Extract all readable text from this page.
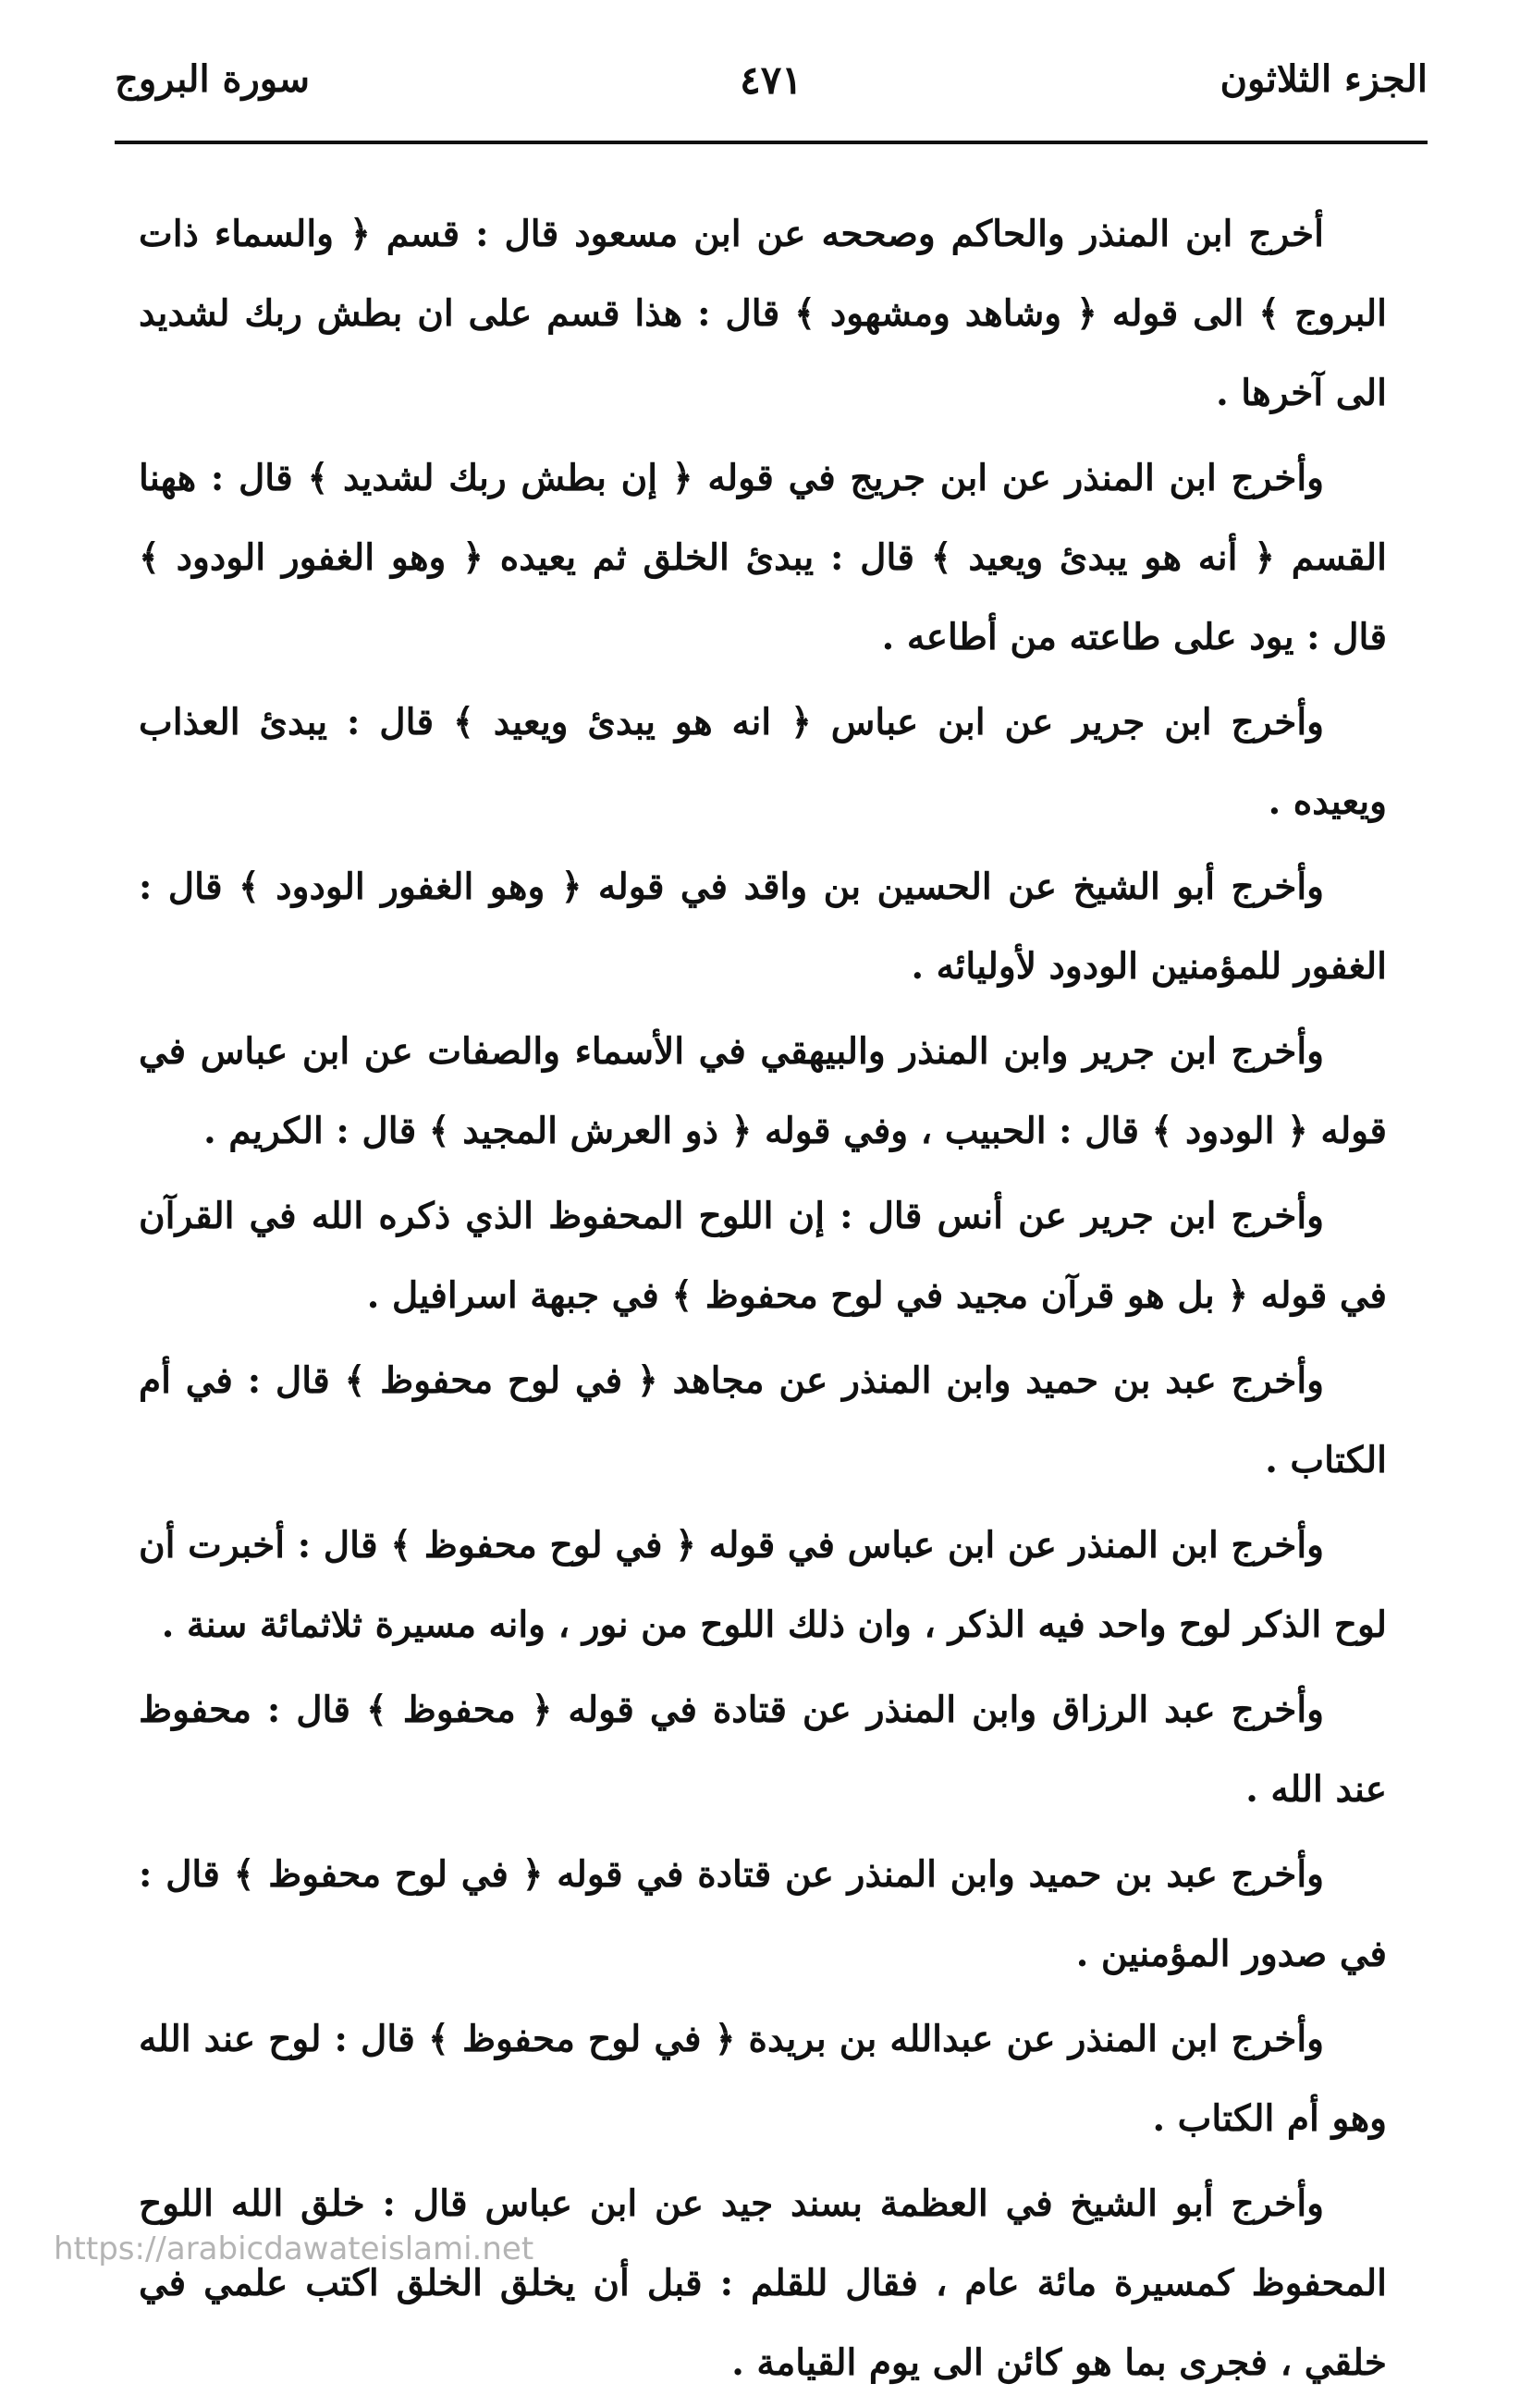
الجزء الثلاثون
٤٧١
سورة البروج

أخرج ابن المنذر والحاكم وصححه عن ابن مسعود قال : قسم ﴿ والسماء ذات البروج ﴾ الى قوله ﴿ وشاهد ومشهود ﴾ قال : هذا قسم على ان بطش ربك لشديد الى آخرها .

وأخرج ابن المنذر عن ابن جريج في قوله ﴿ إن بطش ربك لشديد ﴾ قال : ههنا القسم ﴿ أنه هو يبدئ ويعيد ﴾ قال : يبدئ الخلق ثم يعيده ﴿ وهو الغفور الودود ﴾ قال : يود على طاعته من أطاعه .

وأخرج ابن جرير عن ابن عباس ﴿ انه هو يبدئ ويعيد ﴾ قال : يبدئ العذاب ويعيده .

وأخرج أبو الشيخ عن الحسين بن واقد في قوله ﴿ وهو الغفور الودود ﴾ قال : الغفور للمؤمنين الودود لأوليائه .

وأخرج ابن جرير وابن المنذر والبيهقي في الأسماء والصفات عن ابن عباس في قوله ﴿ الودود ﴾ قال : الحبيب ، وفي قوله ﴿ ذو العرش المجيد ﴾ قال : الكريم .

وأخرج ابن جرير عن أنس قال : إن اللوح المحفوظ الذي ذكره الله في القرآن في قوله ﴿ بل هو قرآن مجيد في لوح محفوظ ﴾ في جبهة اسرافيل .

وأخرج عبد بن حميد وابن المنذر عن مجاهد ﴿ في لوح محفوظ ﴾ قال : في أم الكتاب .

وأخرج ابن المنذر عن ابن عباس في قوله ﴿ في لوح محفوظ ﴾ قال : أخبرت أن لوح الذكر لوح واحد فيه الذكر ، وان ذلك اللوح من نور ، وانه مسيرة ثلاثمائة سنة .

وأخرج عبد الرزاق وابن المنذر عن قتادة في قوله ﴿ محفوظ ﴾ قال : محفوظ عند الله .

وأخرج عبد بن حميد وابن المنذر عن قتادة في قوله ﴿ في لوح محفوظ ﴾ قال : في صدور المؤمنين .

وأخرج ابن المنذر عن عبدالله بن بريدة ﴿ في لوح محفوظ ﴾ قال : لوح عند الله وهو أم الكتاب .

وأخرج أبو الشيخ في العظمة بسند جيد عن ابن عباس قال : خلق الله اللوح المحفوظ كمسيرة مائة عام ، فقال للقلم : قبل أن يخلق الخلق اكتب علمي في خلقي ، فجرى بما هو كائن الى يوم القيامة .

https://arabicdawateislami.net
